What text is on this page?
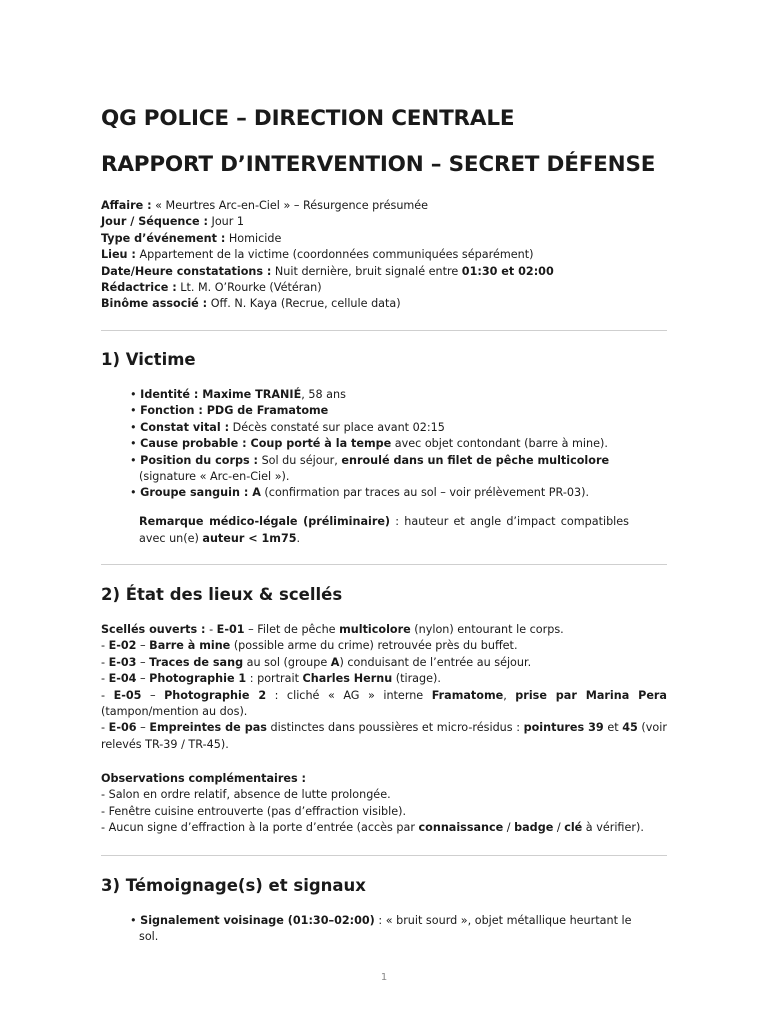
QG POLICE – DIRECTION CENTRALE
RAPPORT D’INTERVENTION – SECRET DÉFENSE
Affaire : « Meurtres Arc-en-Ciel » – Résurgence présumée
Jour / Séquence : Jour 1
Type d’événement : Homicide
Lieu : Appartement de la victime (coordonnées communiquées séparément)
Date/Heure constatations : Nuit dernière, bruit signalé entre 01:30 et 02:00
Rédactrice : Lt. M. O’Rourke (Vétéran)
Binôme associé : Off. N. Kaya (Recrue, cellule data)
1) Victime
• Identité : Maxime TRANIÉ, 58 ans
• Fonction : PDG de Framatome
• Constat vital : Décès constaté sur place avant 02:15
• Cause probable : Coup porté à la tempe avec objet contondant (barre à mine).
• Position du corps : Sol du séjour, enroulé dans un filet de pêche multicolore (signature « Arc-en-Ciel »).
• Groupe sanguin : A (confirmation par traces au sol – voir prélèvement PR-03).
Remarque médico-légale (préliminaire) : hauteur et angle d’impact compatibles avec un(e) auteur < 1m75.
2) État des lieux & scellés
Scellés ouverts : - E-01 – Filet de pêche multicolore (nylon) entourant le corps.
- E-02 – Barre à mine (possible arme du crime) retrouvée près du buffet.
- E-03 – Traces de sang au sol (groupe A) conduisant de l’entrée au séjour.
- E-04 – Photographie 1 : portrait Charles Hernu (tirage).
- E-05 – Photographie 2 : cliché « AG » interne Framatome, prise par Marina Pera (tampon/mention au dos).
- E-06 – Empreintes de pas distinctes dans poussières et micro-résidus : pointures 39 et 45 (voir relevés TR-39 / TR-45).
Observations complémentaires :
- Salon en ordre relatif, absence de lutte prolongée.
- Fenêtre cuisine entrouverte (pas d’effraction visible).
- Aucun signe d’effraction à la porte d’entrée (accès par connaissance / badge / clé à vérifier).
3) Témoignage(s) et signaux
• Signalement voisinage (01:30–02:00) : « bruit sourd », objet métallique heurtant le sol.
1
